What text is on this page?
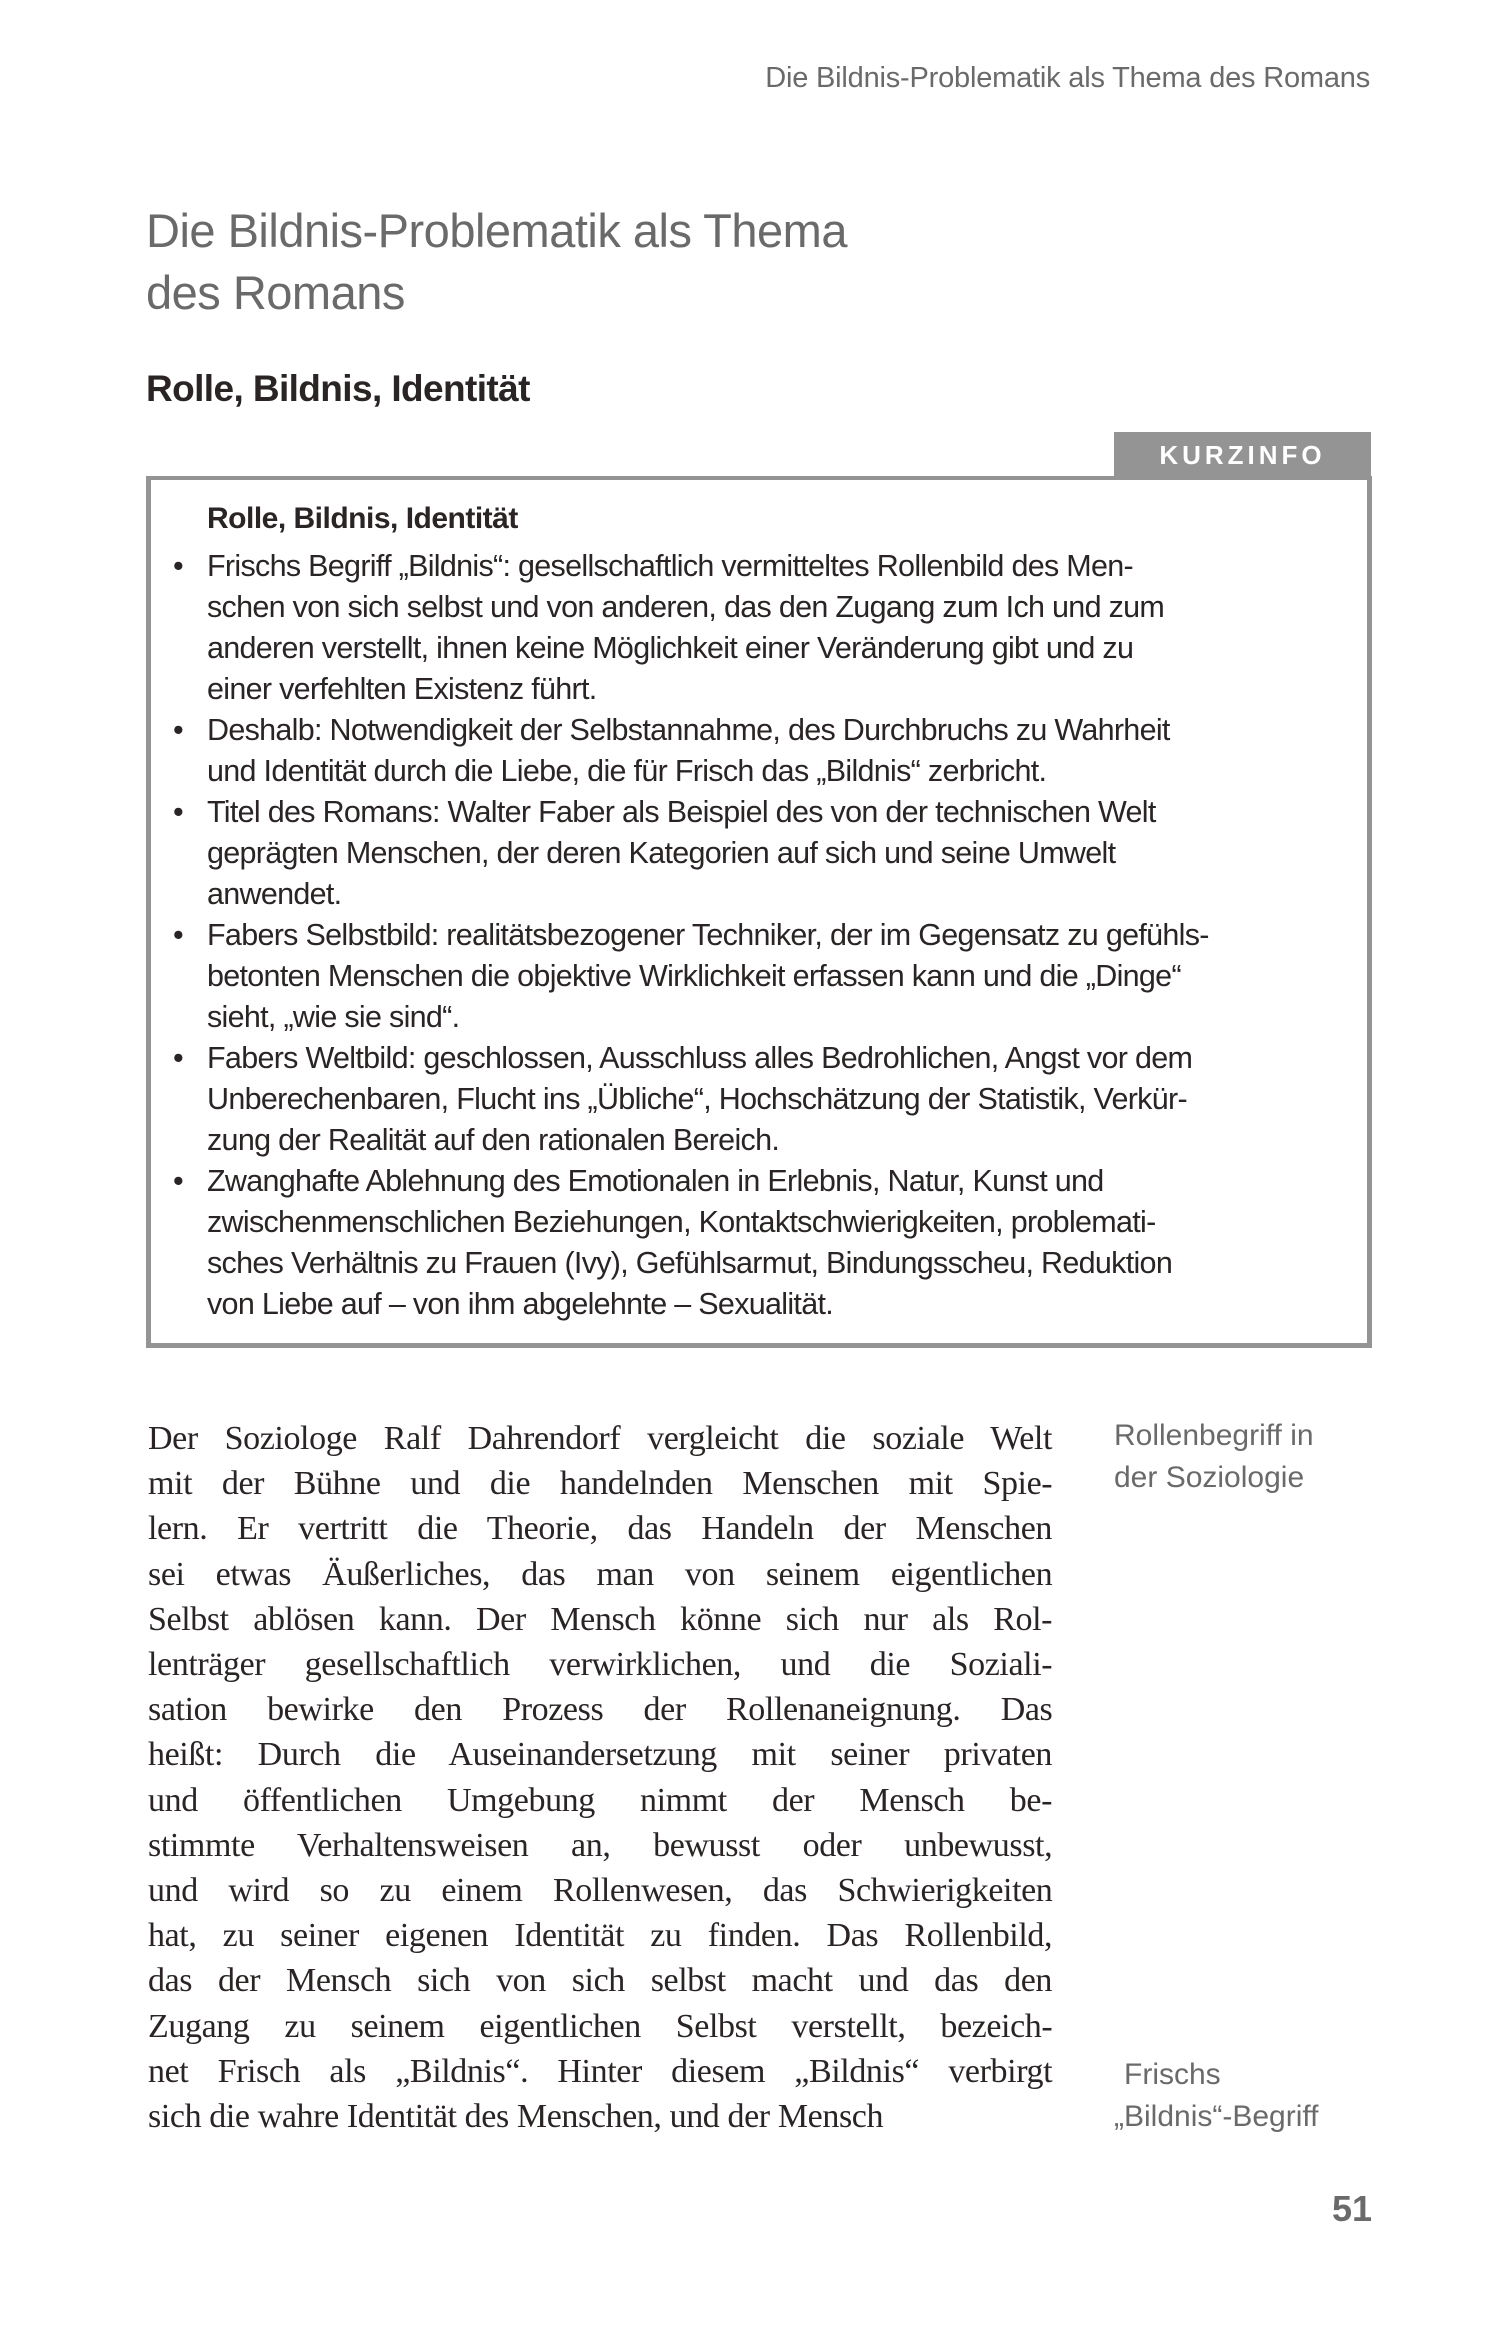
Die Bildnis-Problematik als Thema des Romans
Die Bildnis-Problematik als Thema
des Romans
Rolle, Bildnis, Identität
KURZINFO
Rolle, Bildnis, Identität
• Frischs Begriff „Bildnis“: gesellschaftlich vermitteltes Rollenbild des Men-
schen von sich selbst und von anderen, das den Zugang zum Ich und zum
anderen verstellt, ihnen keine Möglichkeit einer Veränderung gibt und zu
einer verfehlten Existenz führt.
• Deshalb: Notwendigkeit der Selbstannahme, des Durchbruchs zu Wahrheit
und Identität durch die Liebe, die für Frisch das „Bildnis“ zerbricht.
• Titel des Romans: Walter Faber als Beispiel des von der technischen Welt
geprägten Menschen, der deren Kategorien auf sich und seine Umwelt
anwendet.
• Fabers Selbstbild: realitätsbezogener Techniker, der im Gegensatz zu gefühls-
betonten Menschen die objektive Wirklichkeit erfassen kann und die „Dinge“
sieht, „wie sie sind“.
• Fabers Weltbild: geschlossen, Ausschluss alles Bedrohlichen, Angst vor dem
Unberechenbaren, Flucht ins „Übliche“, Hochschätzung der Statistik, Verkür-
zung der Realität auf den rationalen Bereich.
• Zwanghafte Ablehnung des Emotionalen in Erlebnis, Natur, Kunst und
zwischenmenschlichen Beziehungen, Kontaktschwierigkeiten, problemati-
sches Verhältnis zu Frauen (Ivy), Gefühlsarmut, Bindungsscheu, Reduktion
von Liebe auf – von ihm abgelehnte – Sexualität.
Der Soziologe Ralf Dahrendorf vergleicht die soziale Welt
mit der Bühne und die handelnden Menschen mit Spie-
lern. Er vertritt die Theorie, das Handeln der Menschen
sei etwas Äußerliches, das man von seinem eigentlichen
Selbst ablösen kann. Der Mensch könne sich nur als Rol-
lenträger gesellschaftlich verwirklichen, und die Soziali-
sation bewirke den Prozess der Rollenaneignung. Das
heißt: Durch die Auseinandersetzung mit seiner privaten
und öffentlichen Umgebung nimmt der Mensch be-
stimmte Verhaltensweisen an, bewusst oder unbewusst,
und wird so zu einem Rollenwesen, das Schwierigkeiten
hat, zu seiner eigenen Identität zu finden. Das Rollenbild,
das der Mensch sich von sich selbst macht und das den
Zugang zu seinem eigentlichen Selbst verstellt, bezeich-
net Frisch als „Bildnis“. Hinter diesem „Bildnis“ verbirgt
sich die wahre Identität des Menschen, und der Mensch
Rollenbegriff in
der Soziologie
Frischs
„Bildnis“-Begriff
51
